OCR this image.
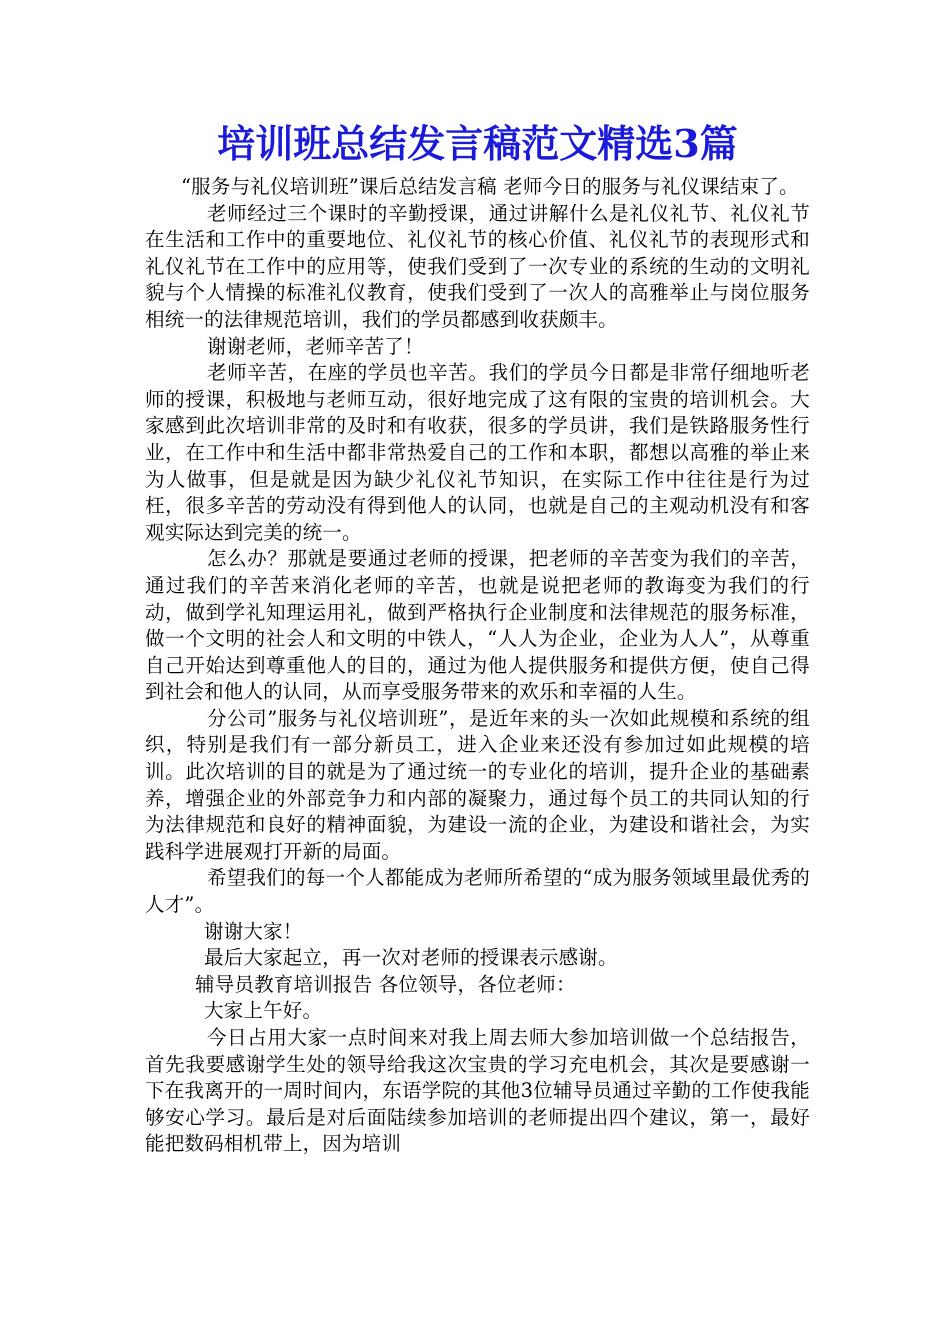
培训班总结发言稿范文精选3篇

“服务与礼仪培训班”课后总结发言稿 老师今日的服务与礼仪课结束了。

老师经过三个课时的辛勤授课，通过讲解什么是礼仪礼节、礼仪礼节在生活和工作中的重要地位、礼仪礼节的核心价值、礼仪礼节的表现形式和礼仪礼节在工作中的应用等，使我们受到了一次专业的系统的生动的文明礼貌与个人情操的标准礼仪教育，使我们受到了一次人的高雅举止与岗位服务相统一的法律规范培训，我们的学员都感到收获颇丰。

谢谢老师，老师辛苦了！

老师辛苦，在座的学员也辛苦。我们的学员今日都是非常仔细地听老师的授课，积极地与老师互动，很好地完成了这有限的宝贵的培训机会。大家感到此次培训非常的及时和有收获，很多的学员讲，我们是铁路服务性行业，在工作中和生活中都非常热爱自己的工作和本职，都想以高雅的举止来为人做事，但是就是因为缺少礼仪礼节知识，在实际工作中往往是行为过枉，很多辛苦的劳动没有得到他人的认同，也就是自己的主观动机没有和客观实际达到完美的统一。

怎么办？那就是要通过老师的授课，把老师的辛苦变为我们的辛苦，通过我们的辛苦来消化老师的辛苦，也就是说把老师的教诲变为我们的行动，做到学礼知理运用礼，做到严格执行企业制度和法律规范的服务标准，做一个文明的社会人和文明的中铁人，“人人为企业，企业为人人”，从尊重自己开始达到尊重他人的目的，通过为他人提供服务和提供方便，使自己得到社会和他人的认同，从而享受服务带来的欢乐和幸福的人生。

分公司”服务与礼仪培训班”，是近年来的头一次如此规模和系统的组织，特别是我们有一部分新员工，进入企业来还没有参加过如此规模的培训。此次培训的目的就是为了通过统一的专业化的培训，提升企业的基础素养，增强企业的外部竞争力和内部的凝聚力，通过每个员工的共同认知的行为法律规范和良好的精神面貌，为建设一流的企业，为建设和谐社会，为实践科学进展观打开新的局面。

希望我们的每一个人都能成为老师所希望的“成为服务领域里最优秀的人才”。

谢谢大家！

最后大家起立，再一次对老师的授课表示感谢。

辅导员教育培训报告 各位领导，各位老师：

大家上午好。

今日占用大家一点时间来对我上周去师大参加培训做一个总结报告，首先我要感谢学生处的领导给我这次宝贵的学习充电机会，其次是要感谢一下在我离开的一周时间内，东语学院的其他3位辅导员通过辛勤的工作使我能够安心学习。最后是对后面陆续参加培训的老师提出四个建议，第一，最好能把数码相机带上，因为培训
